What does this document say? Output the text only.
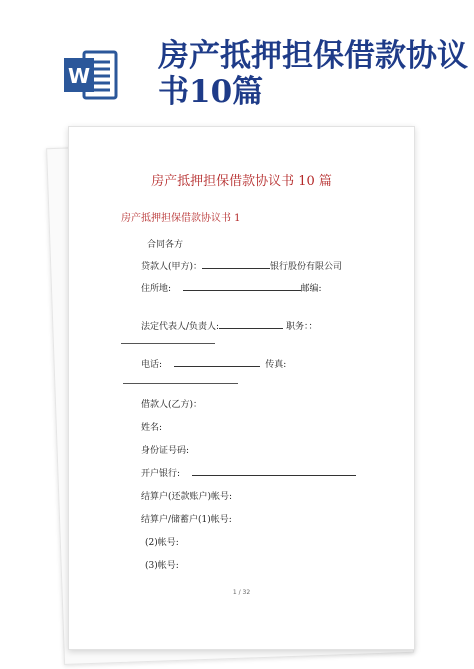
W
房产抵押担保借款协议书10篇
房产抵押担保借款协议书 10 篇
房产抵押担保借款协议书 1
合同各方
贷款人(甲方)：	银行股份有限公司
住所地:	邮编:
法定代表人/负责人:	职务：：
电话:	传真:
借款人(乙方)：
姓名:
身份证号码:
开户银行:
结算户(还款账户)帐号:
结算户/储蓄户(1)帐号:
(2)帐号:
(3)帐号:
1 / 32
